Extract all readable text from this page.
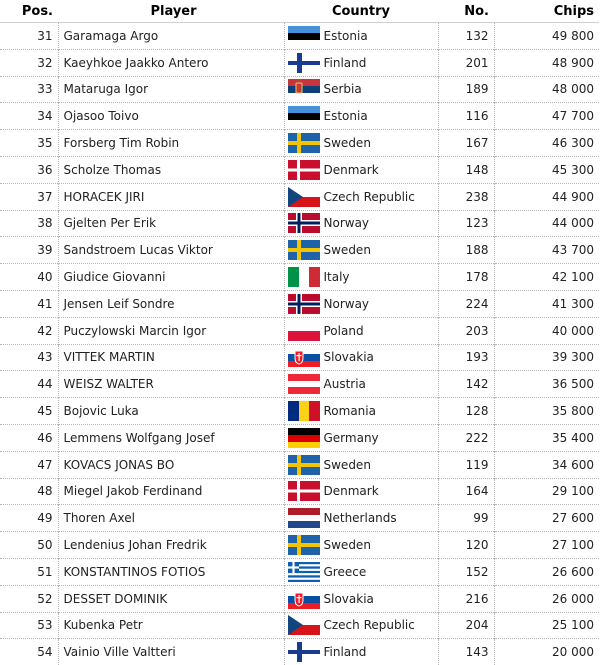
Pos.	Player	Country	No.	Chips
31	Garamaga Argo	Estonia	132	49 800
32	Kaeyhkoe Jaakko Antero	Finland	201	48 900
33	Mataruga Igor	Serbia	189	48 000
34	Ojasoo Toivo	Estonia	116	47 700
35	Forsberg Tim Robin	Sweden	167	46 300
36	Scholze Thomas	Denmark	148	45 300
37	HORACEK JIRI	Czech Republic	238	44 900
38	Gjelten Per Erik	Norway	123	44 000
39	Sandstroem Lucas Viktor	Sweden	188	43 700
40	Giudice Giovanni	Italy	178	42 100
41	Jensen Leif Sondre	Norway	224	41 300
42	Puczylowski Marcin Igor	Poland	203	40 000
43	VITTEK MARTIN	Slovakia	193	39 300
44	WEISZ WALTER	Austria	142	36 500
45	Bojovic Luka	Romania	128	35 800
46	Lemmens Wolfgang Josef	Germany	222	35 400
47	KOVACS JONAS BO	Sweden	119	34 600
48	Miegel Jakob Ferdinand	Denmark	164	29 100
49	Thoren Axel	Netherlands	99	27 600
50	Lendenius Johan Fredrik	Sweden	120	27 100
51	KONSTANTINOS FOTIOS	Greece	152	26 600
52	DESSET DOMINIK	Slovakia	216	26 000
53	Kubenka Petr	Czech Republic	204	25 100
54	Vainio Ville Valtteri	Finland	143	20 000
